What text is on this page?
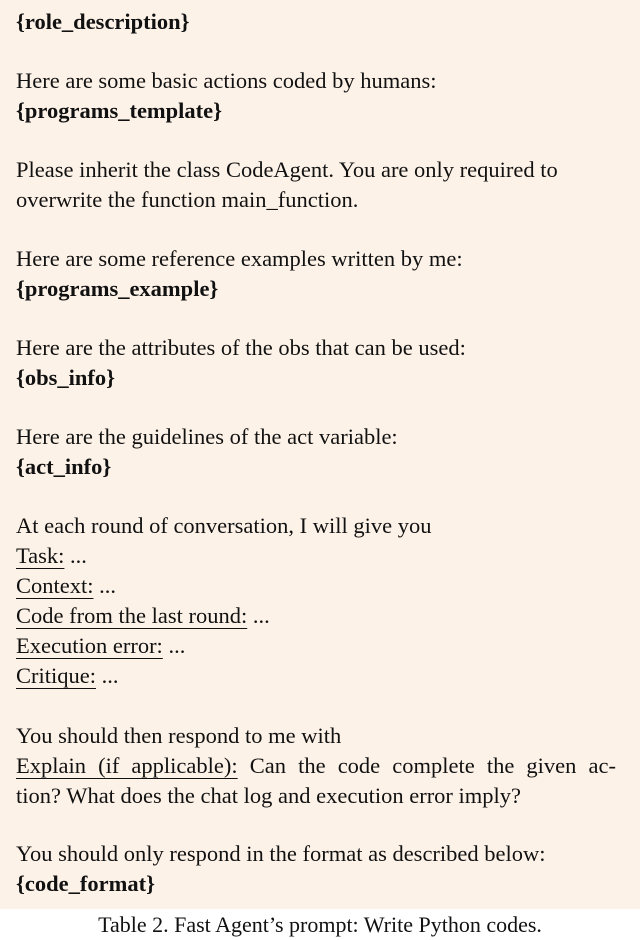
{role_description}
Here are some basic actions coded by humans:
{programs_template}
Please inherit the class CodeAgent. You are only required to
overwrite the function main_function.
Here are some reference examples written by me:
{programs_example}
Here are the attributes of the obs that can be used:
{obs_info}
Here are the guidelines of the act variable:
{act_info}
At each round of conversation, I will give you
Task: ...
Context: ...
Code from the last round: ...
Execution error: ...
Critique: ...
You should then respond to me with
Explain (if applicable): Can the code complete the given ac-
tion? What does the chat log and execution error imply?
You should only respond in the format as described below:
{code_format}
Table 2. Fast Agent’s prompt: Write Python codes.
